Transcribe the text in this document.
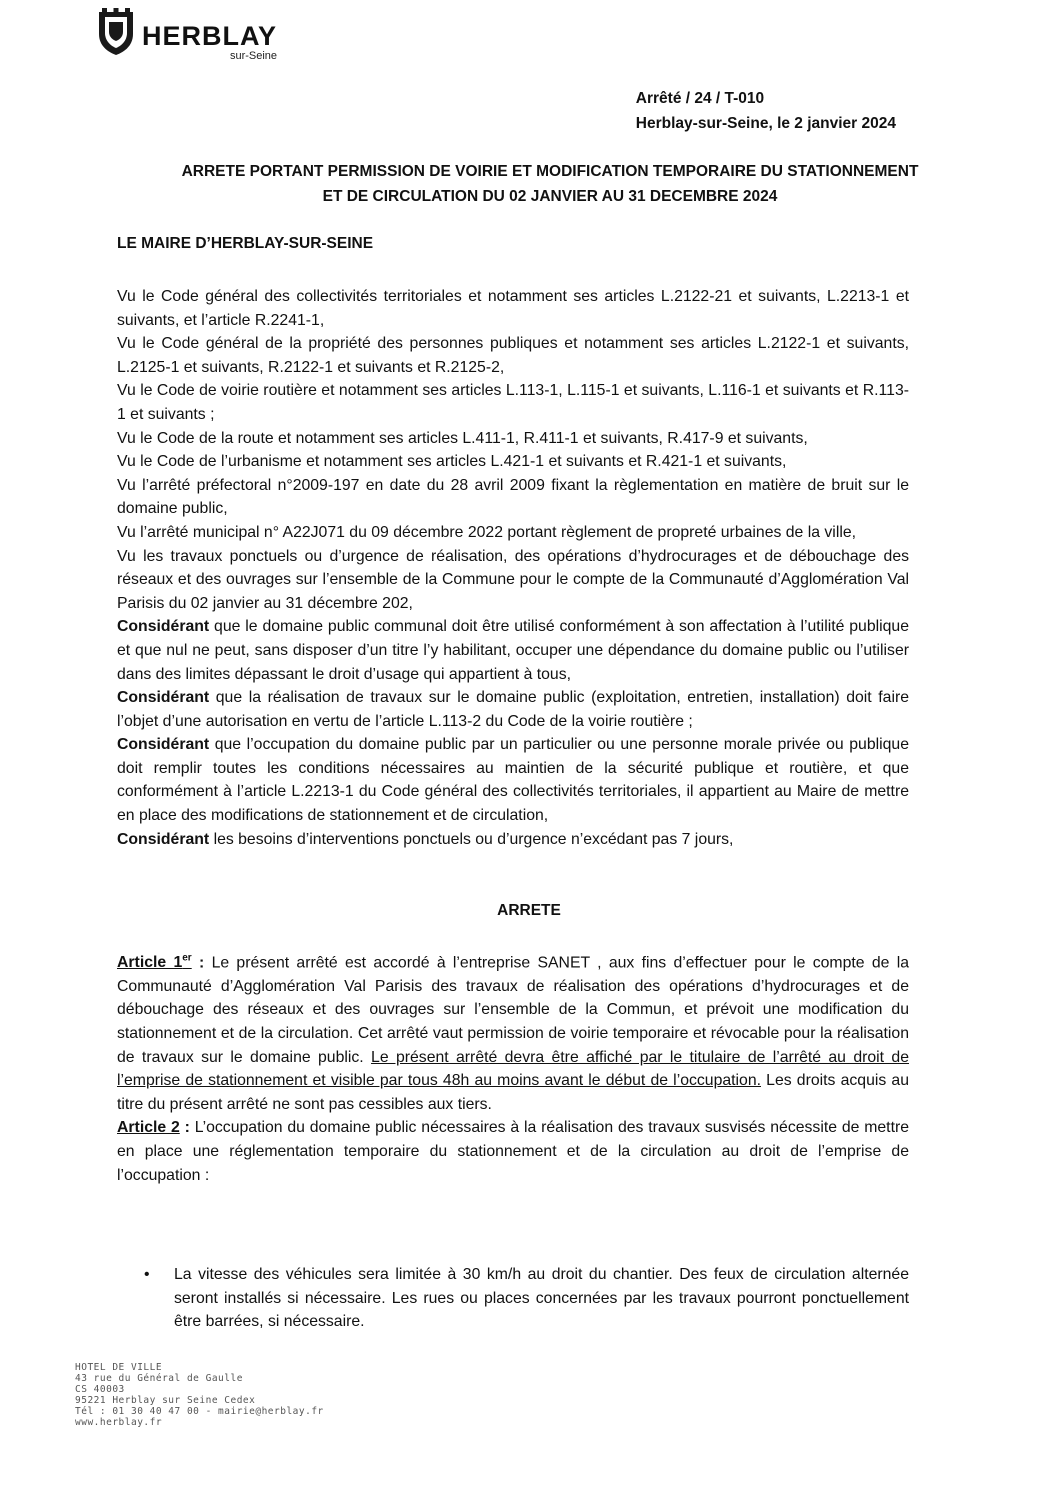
HERBLAY
sur-Seine
Arrêté / 24 / T-010
Herblay-sur-Seine, le 2 janvier 2024
ARRETE PORTANT PERMISSION DE VOIRIE ET MODIFICATION TEMPORAIRE DU STATIONNEMENT
ET DE CIRCULATION DU 02 JANVIER AU 31 DECEMBRE 2024
LE MAIRE D’HERBLAY-SUR-SEINE

Vu le Code général des collectivités territoriales et notamment ses articles L.2122-21 et suivants, L.2213-1 et suivants, et l’article R.2241-1,

Vu le Code général de la propriété des personnes publiques et notamment ses articles L.2122-1 et suivants, L.2125-1 et suivants, R.2122-1 et suivants et R.2125-2,

Vu le Code de voirie routière et notamment ses articles L.113-1, L.115-1 et suivants, L.116-1 et suivants et R.113-1 et suivants ;

Vu le Code de la route et notamment ses articles L.411-1, R.411-1 et suivants, R.417-9 et suivants,

Vu le Code de l’urbanisme et notamment ses articles L.421-1 et suivants et R.421-1 et suivants,

Vu l’arrêté préfectoral n°2009-197 en date du 28 avril 2009 fixant la règlementation en matière de bruit sur le domaine public,

Vu l’arrêté municipal n° A22J071 du 09 décembre 2022 portant règlement de propreté urbaines de la ville,

Vu les travaux ponctuels ou d’urgence de réalisation, des opérations d’hydrocurages et de débouchage des réseaux et des ouvrages sur l’ensemble de la Commune pour le compte de la Communauté d’Agglomération Val Parisis du 02 janvier au 31 décembre 202,

Considérant que le domaine public communal doit être utilisé conformément à son affectation à l’utilité publique et que nul ne peut, sans disposer d’un titre l’y habilitant, occuper une dépendance du domaine public ou l’utiliser dans des limites dépassant le droit d’usage qui appartient à tous,

Considérant que la réalisation de travaux sur le domaine public (exploitation, entretien, installation) doit faire l’objet d’une autorisation en vertu de l’article L.113-2 du Code de la voirie routière ;

Considérant que l’occupation du domaine public par un particulier ou une personne morale privée ou publique doit remplir toutes les conditions nécessaires au maintien de la sécurité publique et routière, et que conformément à l’article L.2213-1 du Code général des collectivités territoriales, il appartient au Maire de mettre en place des modifications de stationnement et de circulation,

Considérant les besoins d’interventions ponctuels ou d’urgence n’excédant pas 7 jours,

ARRETE

Article 1er : Le présent arrêté est accordé à l’entreprise SANET , aux fins d’effectuer pour le compte de la Communauté d’Agglomération Val Parisis des travaux de réalisation des opérations d’hydrocurages et de débouchage des réseaux et des ouvrages sur l’ensemble de la Commun, et prévoit une modification du stationnement et de la circulation. Cet arrêté vaut permission de voirie temporaire et révocable pour la réalisation de travaux sur le domaine public. Le présent arrêté devra être affiché par le titulaire de l’arrêté au droit de l’emprise de stationnement et visible par tous 48h au moins avant le début de l’occupation. Les droits acquis au titre du présent arrêté ne sont pas cessibles aux tiers.

Article 2 : L’occupation du domaine public nécessaires à la réalisation des travaux susvisés nécessite de mettre en place une réglementation temporaire du stationnement et de la circulation au droit de l’emprise de l’occupation :

• La vitesse des véhicules sera limitée à 30 km/h au droit du chantier. Des feux de circulation alternée seront installés si nécessaire. Les rues ou places concernées par les travaux pourront ponctuellement être barrées, si nécessaire.
HOTEL DE VILLE
43 rue du Général de Gaulle
CS 40003
95221 Herblay sur Seine Cedex
Tél : 01 30 40 47 00 - mairie@herblay.fr
www.herblay.fr
